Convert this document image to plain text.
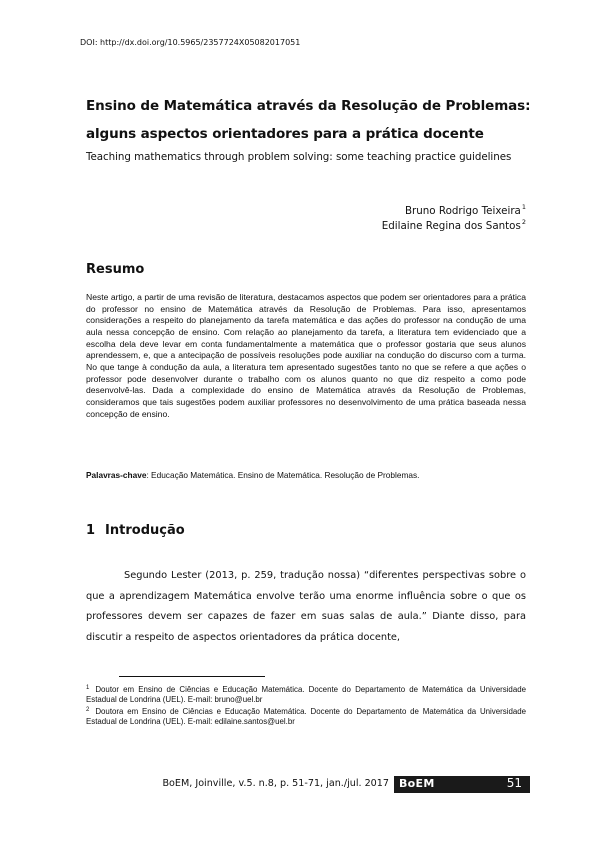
DOI: http://dx.doi.org/10.5965/2357724X05082017051
Ensino de Matemática através da Resolução de Problemas:
alguns aspectos orientadores para a prática docente
Teaching mathematics through problem solving: some teaching practice guidelines
Bruno Rodrigo Teixeira$^1$
Edilaine Regina dos Santos$^2$
Resumo
Neste artigo, a partir de uma revisão de literatura, destacamos aspectos que podem ser orientadores para a prática do professor no ensino de Matemática através da Resolução de Problemas. Para isso, apresentamos considerações a respeito do planejamento da tarefa matemática e das ações do professor na condução de uma aula nessa concepção de ensino. Com relação ao planejamento da tarefa, a literatura tem evidenciado que a escolha dela deve levar em conta fundamentalmente a matemática que o professor gostaria que seus alunos aprendessem, e, que a antecipação de possíveis resoluções pode auxiliar na condução do discurso com a turma. No que tange à condução da aula, a literatura tem apresentado sugestões tanto no que se refere a que ações o professor pode desenvolver durante o trabalho com os alunos quanto no que diz respeito a como pode desenvolvê-las. Dada a complexidade do ensino de Matemática através da Resolução de Problemas, consideramos que tais sugestões podem auxiliar professores no desenvolvimento de uma prática baseada nessa concepção de ensino.
Palavras-chave: Educação Matemática. Ensino de Matemática. Resolução de Problemas.
1 Introdução
Segundo Lester (2013, p. 259, tradução nossa) “diferentes perspectivas sobre o que a aprendizagem Matemática envolve terão uma enorme influência sobre o que os professores devem ser capazes de fazer em suas salas de aula.” Diante disso, para discutir a respeito de aspectos orientadores da prática docente,
$^1$ Doutor em Ensino de Ciências e Educação Matemática. Docente do Departamento de Matemática da Universidade Estadual de Londrina (UEL). E-mail: bruno@uel.br
$^2$ Doutora em Ensino de Ciências e Educação Matemática. Docente do Departamento de Matemática da Universidade Estadual de Londrina (UEL). E-mail: edilaine.santos@uel.br
BoEM, Joinville, v.5. n.8, p. 51-71, jan./jul. 2017 BoEM	51
